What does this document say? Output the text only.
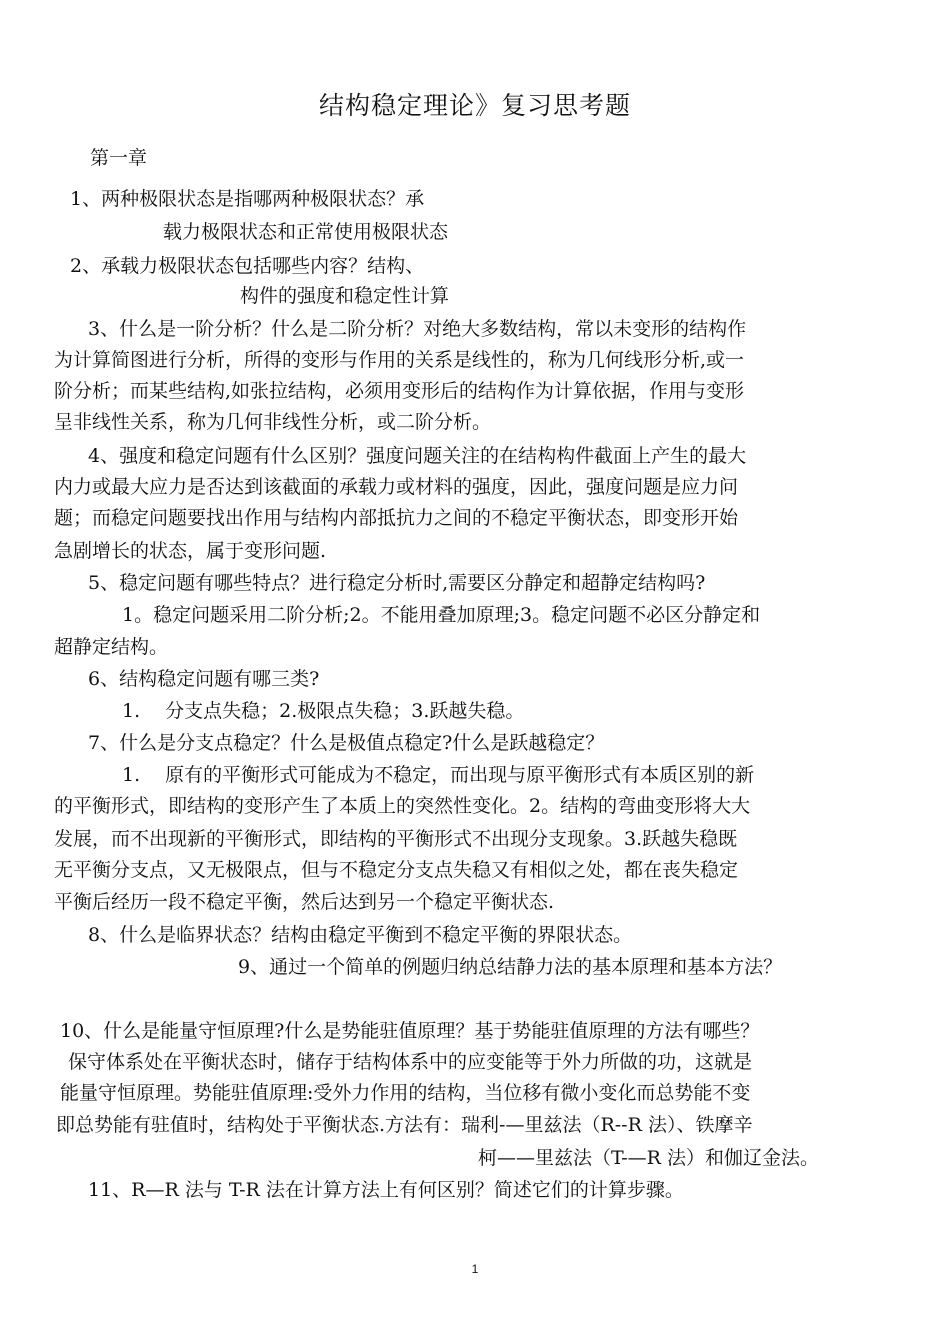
结构稳定理论》复习思考题
第一章
1、两种极限状态是指哪两种极限状态？承
载力极限状态和正常使用极限状态
2、承载力极限状态包括哪些内容？结构、
构件的强度和稳定性计算
3、什么是一阶分析？什么是二阶分析？对绝大多数结构，常以未变形的结构作
为计算简图进行分析，所得的变形与作用的关系是线性的，称为几何线形分析,或一
阶分析；而某些结构,如张拉结构，必须用变形后的结构作为计算依据，作用与变形
呈非线性关系，称为几何非线性分析，或二阶分析。
4、强度和稳定问题有什么区别？强度问题关注的在结构构件截面上产生的最大
内力或最大应力是否达到该截面的承载力或材料的强度，因此，强度问题是应力问
题；而稳定问题要找出作用与结构内部抵抗力之间的不稳定平衡状态，即变形开始
急剧增长的状态，属于变形问题.
5、稳定问题有哪些特点？进行稳定分析时,需要区分静定和超静定结构吗?
1。稳定问题采用二阶分析;2。不能用叠加原理;3。稳定问题不必区分静定和
超静定结构。
6、结构稳定问题有哪三类?
1.　 分支点失稳；2.极限点失稳；3.跃越失稳。
7、什么是分支点稳定？什么是极值点稳定?什么是跃越稳定？
1.　 原有的平衡形式可能成为不稳定，而出现与原平衡形式有本质区别的新
的平衡形式，即结构的变形产生了本质上的突然性变化。2。结构的弯曲变形将大大
发展，而不出现新的平衡形式，即结构的平衡形式不出现分支现象。3.跃越失稳既
无平衡分支点，又无极限点，但与不稳定分支点失稳又有相似之处，都在丧失稳定
平衡后经历一段不稳定平衡，然后达到另一个稳定平衡状态.
8、什么是临界状态？结构由稳定平衡到不稳定平衡的界限状态。
9、通过一个简单的例题归纳总结静力法的基本原理和基本方法？
10、什么是能量守恒原理?什么是势能驻值原理？基于势能驻值原理的方法有哪些？
保守体系处在平衡状态时，储存于结构体系中的应变能等于外力所做的功，这就是
能量守恒原理。势能驻值原理:受外力作用的结构，当位移有微小变化而总势能不变
即总势能有驻值时，结构处于平衡状态.方法有：瑞利-—里兹法（R--R 法）、铁摩辛
柯——里兹法（T-—R 法）和伽辽金法。
11、R—R 法与 T-R 法在计算方法上有何区别？简述它们的计算步骤。
1
